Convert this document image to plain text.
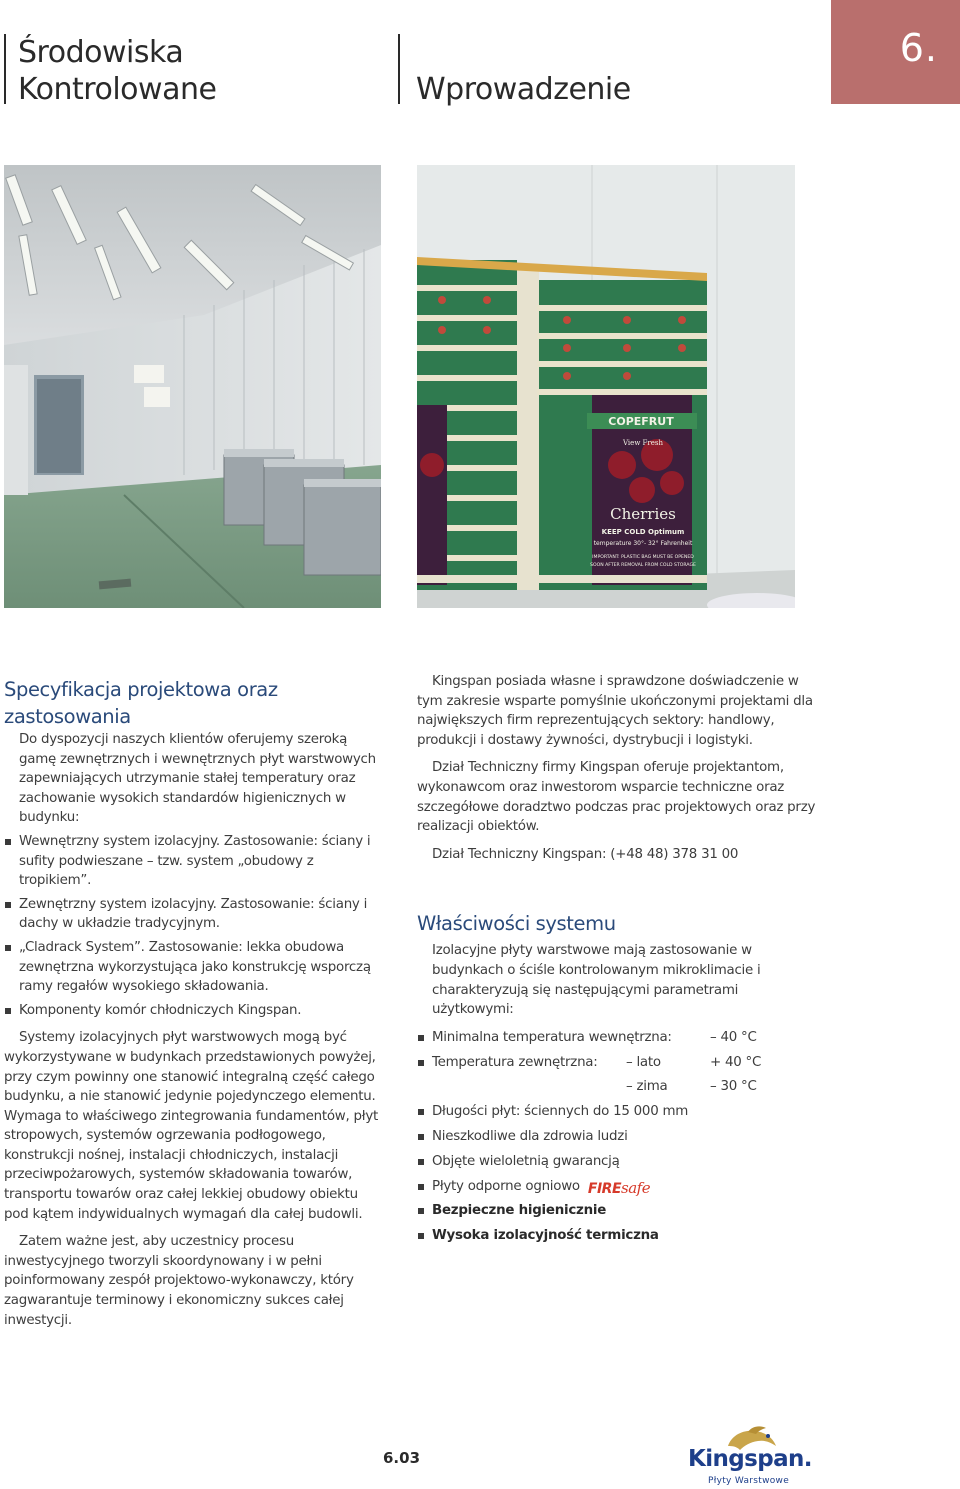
Środowiska
Kontrolowane	Wprowadzenie
6.
COPEFRUT
View Fresh
Cherries
KEEP COLD Optimum
temperature 30°- 32° Fahrenheit
IMPORTANT: PLASTIC BAG MUST BE OPENED
SOON AFTER REMOVAL FROM COLD STORAGE
Specyfikacja projektowa oraz
zastosowania

Do dyspozycji naszych klientów oferujemy szeroką gamę zewnętrznych i wewnętrznych płyt warstwowych zapewniających utrzymanie stałej temperatury oraz zachowanie wysokich standardów higienicznych w budynku:

Wewnętrzny system izolacyjny. Zastosowanie: ściany i sufity podwieszane – tzw. system „obudowy z tropikiem”.
Zewnętrzny system izolacyjny. Zastosowanie: ściany i dachy w układzie tradycyjnym.
„Cladrack System”. Zastosowanie: lekka obudowa zewnętrzna wykorzystująca jako konstrukcję wsporczą ramy regałów wysokiego składowania.
Komponenty komór chłodniczych Kingspan.

Systemy izolacyjnych płyt warstwowych mogą być wykorzystywane w budynkach przedstawionych powyżej, przy czym powinny one stanowić integralną część całego budynku, a nie stanowić jedynie pojedynczego elementu. Wymaga to właściwego zintegrowania fundamentów, płyt stropowych, systemów ogrzewania podłogowego, konstrukcji nośnej, instalacji chłodniczych, instalacji przeciwpożarowych, systemów składowania towarów, transportu towarów oraz całej lekkiej obudowy obiektu pod kątem indywidualnych wymagań dla całej budowli.

Zatem ważne jest, aby uczestnicy procesu inwestycyjnego tworzyli skoordynowany i w pełni poinformowany zespół projektowo-wykonawczy, który zagwarantuje terminowy i ekonomiczny sukces całej inwestycji.

Kingspan posiada własne i sprawdzone doświadczenie w tym zakresie wsparte pomyślnie ukończonymi projektami dla największych firm reprezentujących sektory: handlowy, produkcji i dostawy żywności, dystrybucji i logistyki.

Dział Techniczny firmy Kingspan oferuje projektantom, wykonawcom oraz inwestorom wsparcie techniczne oraz szczegółowe doradztwo podczas prac projektowych oraz przy realizacji obiektów.

Dział Techniczny Kingspan: (+48 48) 378 31 00

Właściwości systemu

Izolacyjne płyty warstwowe mają zastosowanie w budynkach o ściśle kontrolowanym mikroklimacie i charakteryzują się następującymi parametrami użytkowymi:

Minimalna temperatura wewnętrzna:	– 40 °C
Temperatura zewnętrzna: – lato	+ 40 °C
– zima	– 30 °C
Długości płyt: ściennych do 15 000 mm
Nieszkodliwe dla zdrowia ludzi
Objęte wieloletnią gwarancją
Płyty odporne ogniowo FIREsafe
Bezpieczne higienicznie
Wysoka izolacyjność termiczna
6.03	Kingspan.
Płyty Warstwowe
